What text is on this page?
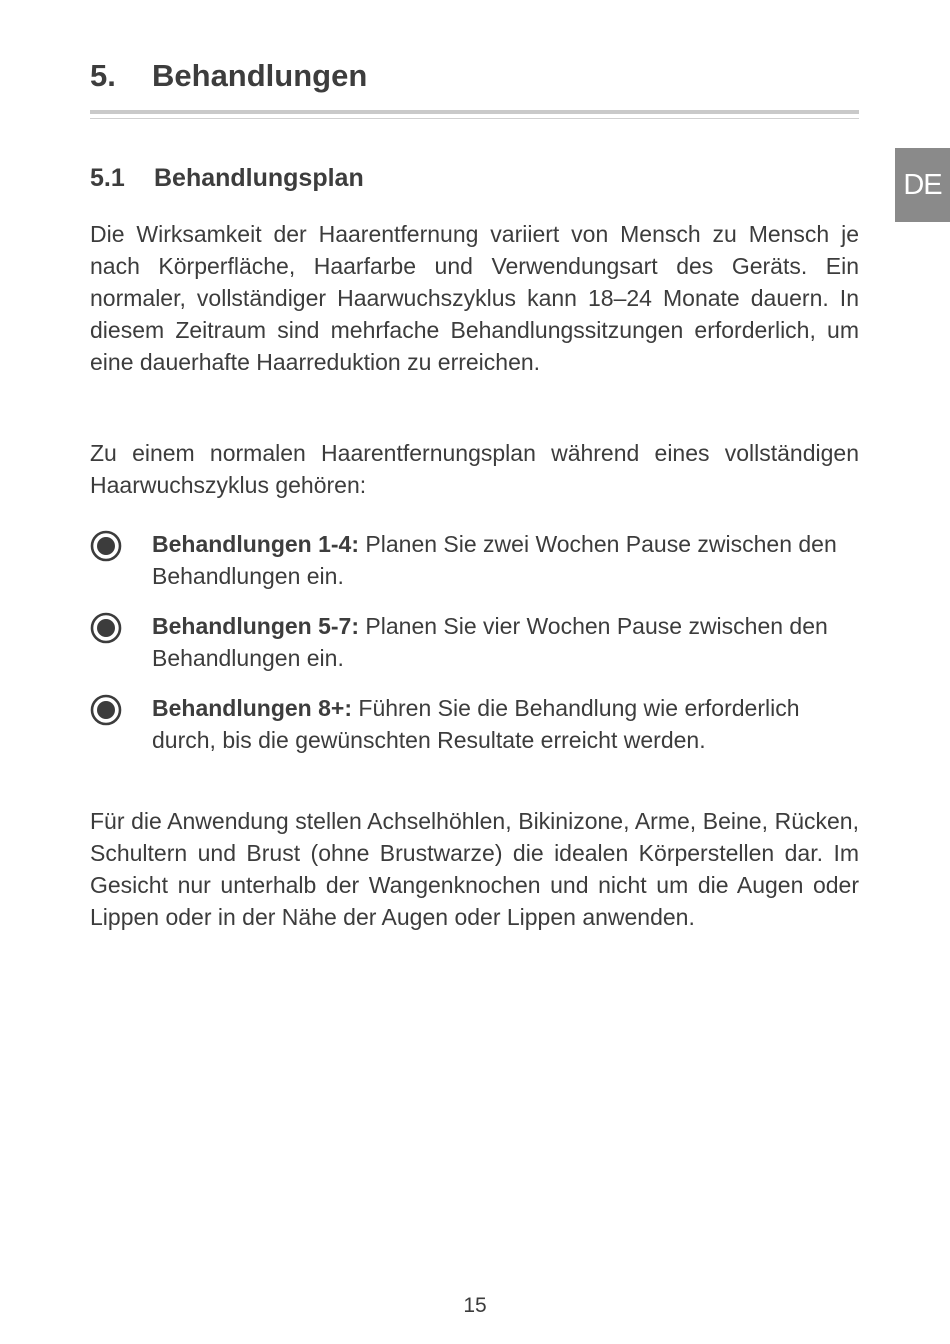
5. Behandlungen
DE
5.1 Behandlungsplan

Die Wirksamkeit der Haarentfernung variiert von Mensch zu Mensch je nach Körperfläche, Haarfarbe und Verwendungsart des Geräts. Ein normaler, vollständiger Haarwuchszyklus kann 18–24 Monate dauern. In diesem Zeitraum sind mehrfache Behandlungssitzungen erforderlich, um eine dauerhafte Haarreduktion zu erreichen.

Zu einem normalen Haarentfernungsplan während eines vollständigen Haarwuchszyklus gehören:

Behandlungen 1-4: Planen Sie zwei Wochen Pause zwischen den Behandlungen ein.
Behandlungen 5-7: Planen Sie vier Wochen Pause zwischen den Behandlungen ein.
Behandlungen 8+: Führen Sie die Behandlung wie erforderlich durch, bis die gewünschten Resultate erreicht werden.

Für die Anwendung stellen Achselhöhlen, Bikinizone, Arme, Beine, Rücken, Schultern und Brust (ohne Brustwarze) die idealen Körperstellen dar. Im Gesicht nur unterhalb der Wangenknochen und nicht um die Augen oder Lippen oder in der Nähe der Augen oder Lippen anwenden.

15
